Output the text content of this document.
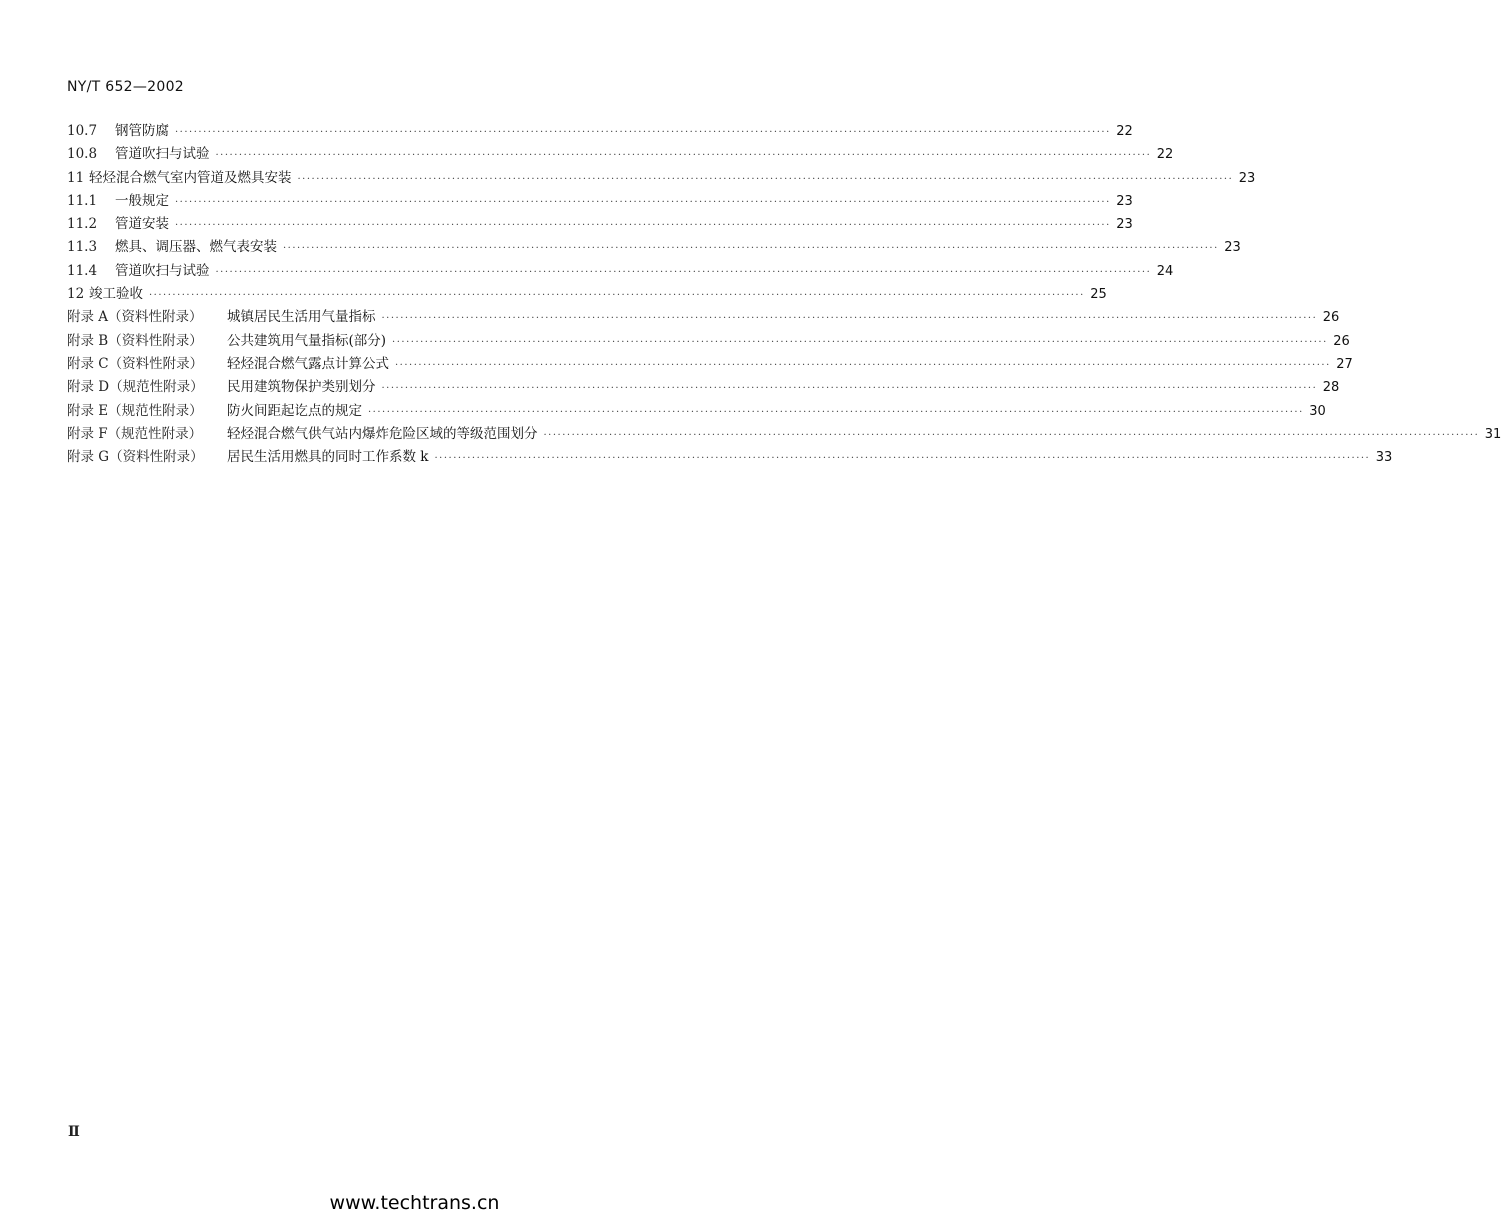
NY/T 652—2002
10.7	钢管防腐 ········································································································································································································ 22
10.8	管道吹扫与试验 ········································································································································································································ 22
11 轻烃混合燃气室内管道及燃具安装 ········································································································································································································ 23
11.1	一般规定 ········································································································································································································ 23
11.2	管道安装 ········································································································································································································ 23
11.3	燃具、调压器、燃气表安装 ········································································································································································································ 23
11.4	管道吹扫与试验 ········································································································································································································ 24
12 竣工验收 ········································································································································································································ 25
附录 A（资料性附录）	城镇居民生活用气量指标 ········································································································································································································ 26
附录 B（资料性附录）	公共建筑用气量指标(部分) ········································································································································································································ 26
附录 C（资料性附录）	轻烃混合燃气露点计算公式 ········································································································································································································ 27
附录 D（规范性附录）	民用建筑物保护类别划分 ········································································································································································································ 28
附录 E（规范性附录）	防火间距起讫点的规定 ········································································································································································································ 30
附录 F（规范性附录）	轻烃混合燃气供气站内爆炸危险区域的等级范围划分 ········································································································································································································ 31
附录 G（资料性附录）	居民生活用燃具的同时工作系数 k ········································································································································································································ 33
Ⅱ
www.techtrans.cn
